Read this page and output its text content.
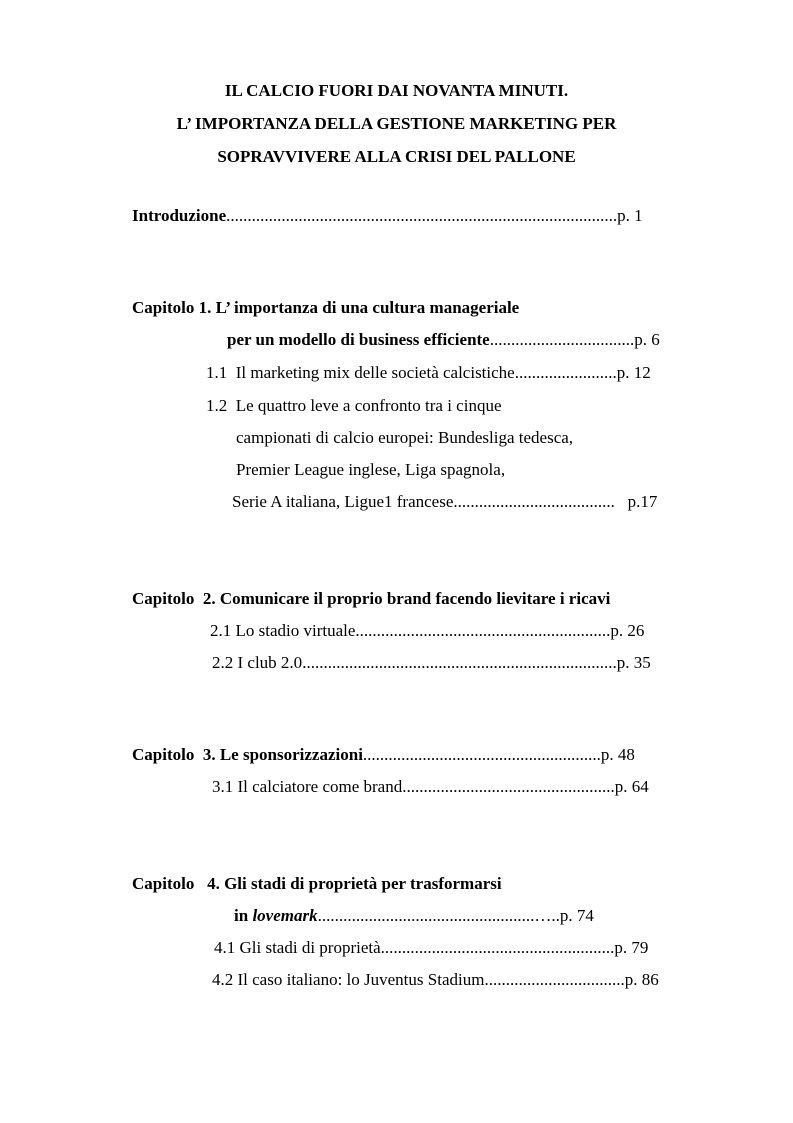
IL CALCIO FUORI DAI NOVANTA MINUTI.
L’ IMPORTANZA DELLA GESTIONE MARKETING PER
SOPRAVVIVERE ALLA CRISI DEL PALLONE
Introduzione............................................................................................p. 1
Capitolo 1. L’ importanza di una cultura manageriale
per un modello di business efficiente..................................p. 6
1.1  Il marketing mix delle società calcistiche........................p. 12
1.2  Le quattro leve a confronto tra i cinque
campionati di calcio europei: Bundesliga tedesca,
Premier League inglese, Liga spagnola,
Serie A italiana, Ligue1 francese......................................   p.17
Capitolo  2. Comunicare il proprio brand facendo lievitare i ricavi
2.1 Lo stadio virtuale............................................................p. 26
2.2 I club 2.0..........................................................................p. 35
Capitolo  3. Le sponsorizzazioni........................................................p. 48
3.1 Il calciatore come brand..................................................p. 64
Capitolo   4. Gli stadi di proprietà per trasformarsi
in lovemark...................................................…..p. 74
4.1 Gli stadi di proprietà.......................................................p. 79
4.2 Il caso italiano: lo Juventus Stadium.................................p. 86
